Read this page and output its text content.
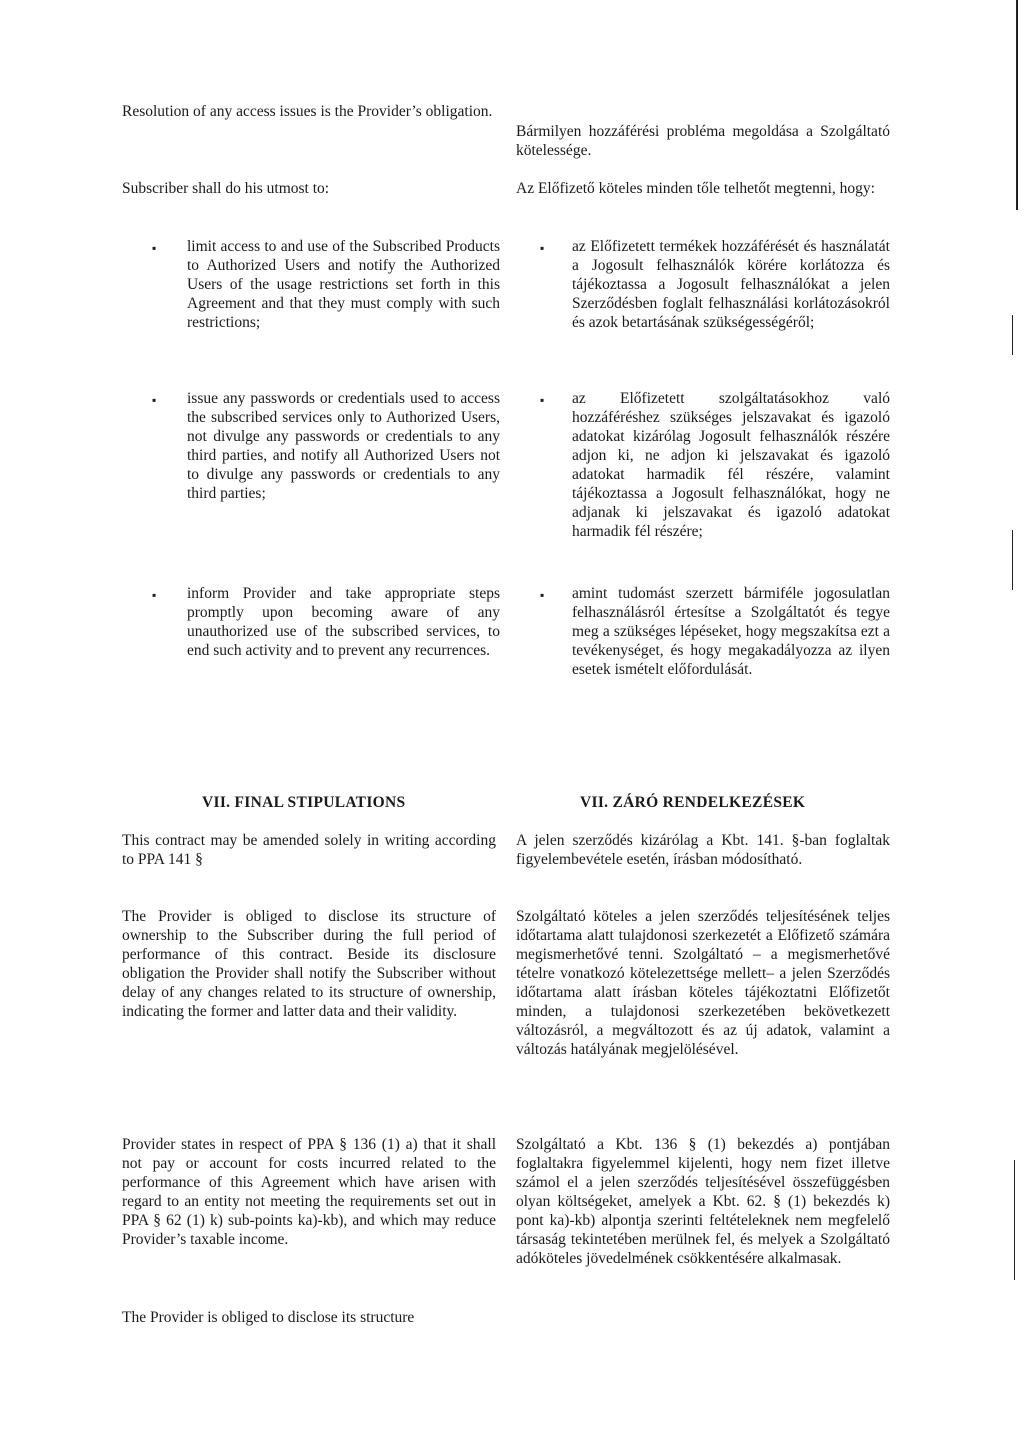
Resolution of any access issues is the Provider’s obligation.

Subscriber shall do his utmost to:

▪ limit access to and use of the Subscribed Products to Authorized Users and notify the Authorized Users of the usage restrictions set forth in this Agreement and that they must comply with such restrictions;
▪ issue any passwords or credentials used to access the subscribed services only to Authorized Users, not divulge any passwords or credentials to any third parties, and notify all Authorized Users not to divulge any passwords or credentials to any third parties;
▪ inform Provider and take appropriate steps promptly upon becoming aware of any unauthorized use of the subscribed services, to end such activity and to prevent any recurrences.
VII. FINAL STIPULATIONS

This contract may be amended solely in writing according to PPA 141 §

The Provider is obliged to disclose its structure of ownership to the Subscriber during the full period of performance of this contract. Beside its disclosure obligation the Provider shall notify the Subscriber without delay of any changes related to its structure of ownership, indicating the former and latter data and their validity.

Provider states in respect of PPA § 136 (1) a) that it shall not pay or account for costs incurred related to the performance of this Agreement which have arisen with regard to an entity not meeting the requirements set out in PPA § 62 (1) k) sub-points ka)-kb), and which may reduce Provider’s taxable income.

The Provider is obliged to disclose its structure

Bármilyen hozzáférési probléma megoldása a Szolgáltató kötelessége.

Az Előfizető köteles minden tőle telhetőt megtenni, hogy:

▪ az Előfizetett termékek hozzáférését és használatát a Jogosult felhasználók körére korlátozza és tájékoztassa a Jogosult felhasználókat a jelen Szerződésben foglalt felhasználási korlátozásokról és azok betartásának szükségességéről;
▪ az Előfizetett szolgáltatásokhoz való hozzáféréshez szükséges jelszavakat és igazoló adatokat kizárólag Jogosult felhasználók részére adjon ki, ne adjon ki jelszavakat és igazoló adatokat harmadik fél részére, valamint tájékoztassa a Jogosult felhasználókat, hogy ne adjanak ki jelszavakat és igazoló adatokat harmadik fél részére;
▪ amint tudomást szerzett bármiféle jogosulatlan felhasználásról értesítse a Szolgáltatót és tegye meg a szükséges lépéseket, hogy megszakítsa ezt a tevékenységet, és hogy megakadályozza az ilyen esetek ismételt előfordulását.
VII. ZÁRÓ RENDELKEZÉSEK

A jelen szerződés kizárólag a Kbt. 141. §-ban foglaltak figyelembevétele esetén, írásban módosítható.

Szolgáltató köteles a jelen szerződés teljesítésének teljes időtartama alatt tulajdonosi szerkezetét a Előfizető számára megismerhetővé tenni. Szolgáltató – a megismerhetővé tételre vonatkozó kötelezettsége mellett– a jelen Szerződés időtartama alatt írásban köteles tájékoztatni Előfizetőt minden, a tulajdonosi szerkezetében bekövetkezett változásról, a megváltozott és az új adatok, valamint a változás hatályának megjelölésével.

Szolgáltató a Kbt. 136 § (1) bekezdés a) pontjában foglaltakra figyelemmel kijelenti, hogy nem fizet illetve számol el a jelen szerződés teljesítésével összefüggésben olyan költségeket, amelyek a Kbt. 62. § (1) bekezdés k) pont ka)-kb) alpontja szerinti feltételeknek nem megfelelő társaság tekintetében merülnek fel, és melyek a Szolgáltató adóköteles jövedelmének csökkentésére alkalmasak.
